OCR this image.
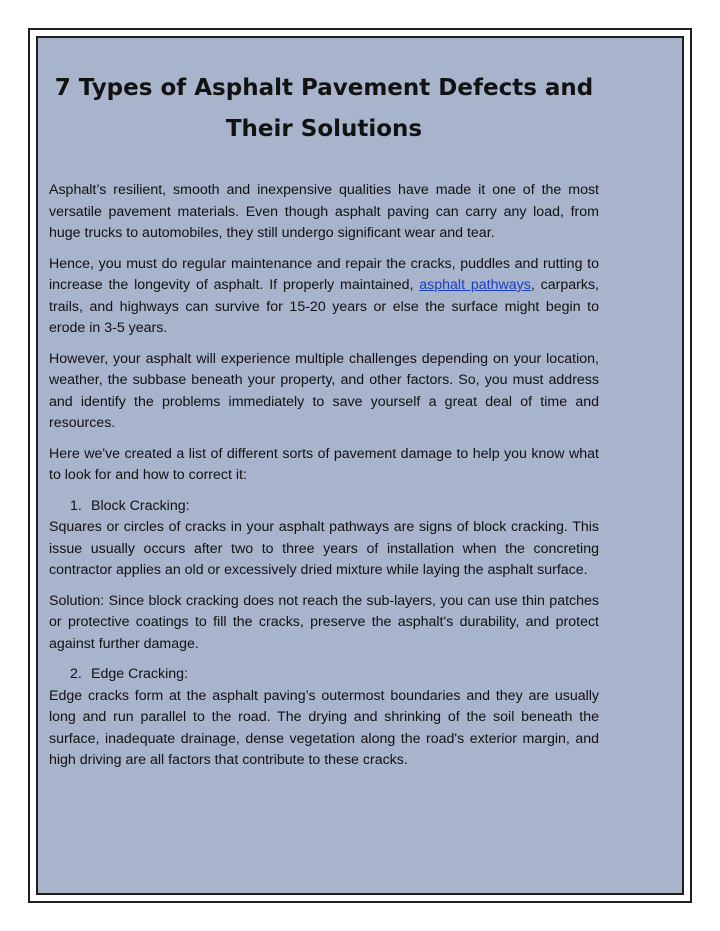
7 Types of Asphalt Pavement Defects and Their Solutions

Asphalt’s resilient, smooth and inexpensive qualities have made it one of the most versatile pavement materials. Even though asphalt paving can carry any load, from huge trucks to automobiles, they still undergo significant wear and tear.

Hence, you must do regular maintenance and repair the cracks, puddles and rutting to increase the longevity of asphalt. If properly maintained, asphalt pathways, carparks, trails, and highways can survive for 15-20 years or else the surface might begin to erode in 3-5 years.

However, your asphalt will experience multiple challenges depending on your location, weather, the subbase beneath your property, and other factors. So, you must address and identify the problems immediately to save yourself a great deal of time and resources.

Here we've created a list of different sorts of pavement damage to help you know what to look for and how to correct it:

1. Block Cracking:

Squares or circles of cracks in your asphalt pathways are signs of block cracking. This issue usually occurs after two to three years of installation when the concreting contractor applies an old or excessively dried mixture while laying the asphalt surface.

Solution: Since block cracking does not reach the sub-layers, you can use thin patches or protective coatings to fill the cracks, preserve the asphalt's durability, and protect against further damage.

2. Edge Cracking:

Edge cracks form at the asphalt paving’s outermost boundaries and they are usually long and run parallel to the road. The drying and shrinking of the soil beneath the surface, inadequate drainage, dense vegetation along the road's exterior margin, and high driving are all factors that contribute to these cracks.
